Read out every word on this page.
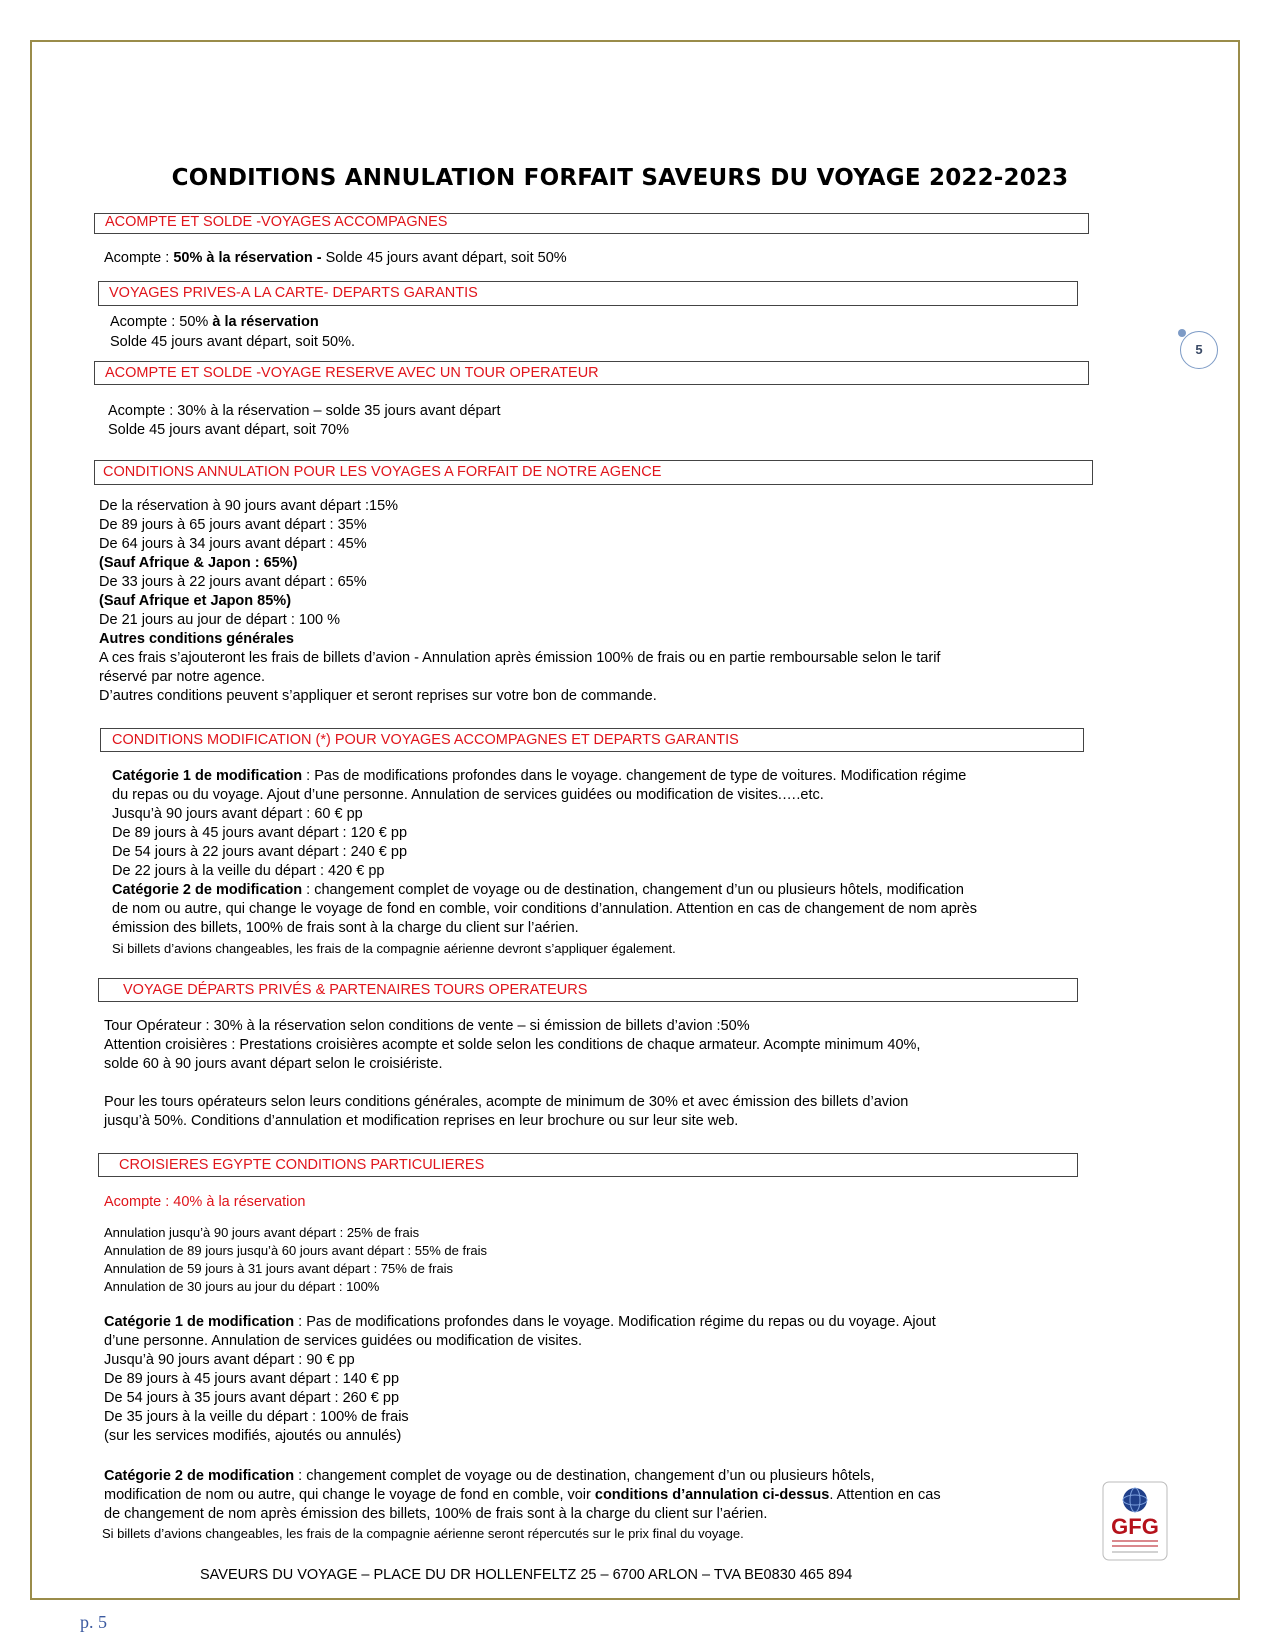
CONDITIONS ANNULATION FORFAIT SAVEURS DU VOYAGE 2022-2023
5
ACOMPTE ET SOLDE -VOYAGES ACCOMPAGNES
Acompte : 50% à la réservation - Solde 45 jours avant départ, soit 50%
VOYAGES PRIVES-A LA CARTE- DEPARTS GARANTIS
Acompte : 50% à la réservation
Solde 45 jours avant départ, soit 50%.
ACOMPTE ET SOLDE -VOYAGE RESERVE AVEC UN TOUR OPERATEUR
Acompte : 30% à la réservation – solde 35 jours avant départ
Solde 45 jours avant départ, soit 70%
CONDITIONS ANNULATION POUR LES VOYAGES A FORFAIT DE NOTRE AGENCE
De la réservation à 90 jours avant départ :15%
De 89 jours à 65 jours avant départ : 35%
De 64 jours à 34 jours avant départ : 45%
(Sauf Afrique & Japon : 65%)
De 33 jours à 22 jours avant départ : 65%
(Sauf Afrique et Japon 85%)
De 21 jours au jour de départ : 100 %
Autres conditions générales
A ces frais s’ajouteront les frais de billets d’avion - Annulation après émission 100% de frais ou en partie remboursable selon le tarif
réservé par notre agence.
D’autres conditions peuvent s’appliquer et seront reprises sur votre bon de commande.
CONDITIONS MODIFICATION (*) POUR VOYAGES ACCOMPAGNES ET DEPARTS GARANTIS
Catégorie 1 de modification : Pas de modifications profondes dans le voyage. changement de type de voitures. Modification régime
du repas ou du voyage. Ajout d’une personne. Annulation de services guidées ou modification de visites.….etc.
Jusqu’à 90 jours avant départ : 60 € pp
De 89 jours à 45 jours avant départ : 120 € pp
De 54 jours à 22 jours avant départ : 240 € pp
De 22 jours à la veille du départ : 420 € pp
Catégorie 2 de modification : changement complet de voyage ou de destination, changement d’un ou plusieurs hôtels, modification
de nom ou autre, qui change le voyage de fond en comble, voir conditions d’annulation. Attention en cas de changement de nom après
émission des billets, 100% de frais sont à la charge du client sur l’aérien.
Si billets d’avions changeables, les frais de la compagnie aérienne devront s’appliquer également.
VOYAGE DÉPARTS PRIVÉS & PARTENAIRES TOURS OPERATEURS
Tour Opérateur : 30% à la réservation selon conditions de vente – si émission de billets d’avion :50%
Attention croisières : Prestations croisières acompte et solde selon les conditions de chaque armateur. Acompte minimum 40%,
solde 60 à 90 jours avant départ selon le croisiériste.
Pour les tours opérateurs selon leurs conditions générales, acompte de minimum de 30% et avec émission des billets d’avion
jusqu’à 50%. Conditions d’annulation et modification reprises en leur brochure ou sur leur site web.
CROISIERES EGYPTE CONDITIONS PARTICULIERES
Acompte : 40% à la réservation
Annulation jusqu’à 90 jours avant départ : 25% de frais
Annulation de 89 jours jusqu’à 60 jours avant départ : 55% de frais
Annulation de 59 jours à 31 jours avant départ : 75% de frais
Annulation de 30 jours au jour du départ : 100%
Catégorie 1 de modification : Pas de modifications profondes dans le voyage. Modification régime du repas ou du voyage. Ajout
d’une personne. Annulation de services guidées ou modification de visites.
Jusqu’à 90 jours avant départ : 90 € pp
De 89 jours à 45 jours avant départ : 140 € pp
De 54 jours à 35 jours avant départ : 260 € pp
De 35 jours à la veille du départ : 100% de frais
(sur les services modifiés, ajoutés ou annulés)
Catégorie 2 de modification : changement complet de voyage ou de destination, changement d’un ou plusieurs hôtels,
modification de nom ou autre, qui change le voyage de fond en comble, voir conditions d’annulation ci-dessus. Attention en cas
de changement de nom après émission des billets, 100% de frais sont à la charge du client sur l’aérien.
Si billets d’avions changeables, les frais de la compagnie aérienne seront répercutés sur le prix final du voyage.	GFG
SAVEURS DU VOYAGE – PLACE DU DR HOLLENFELTZ 25 – 6700 ARLON – TVA BE0830 465 894
p. 5
